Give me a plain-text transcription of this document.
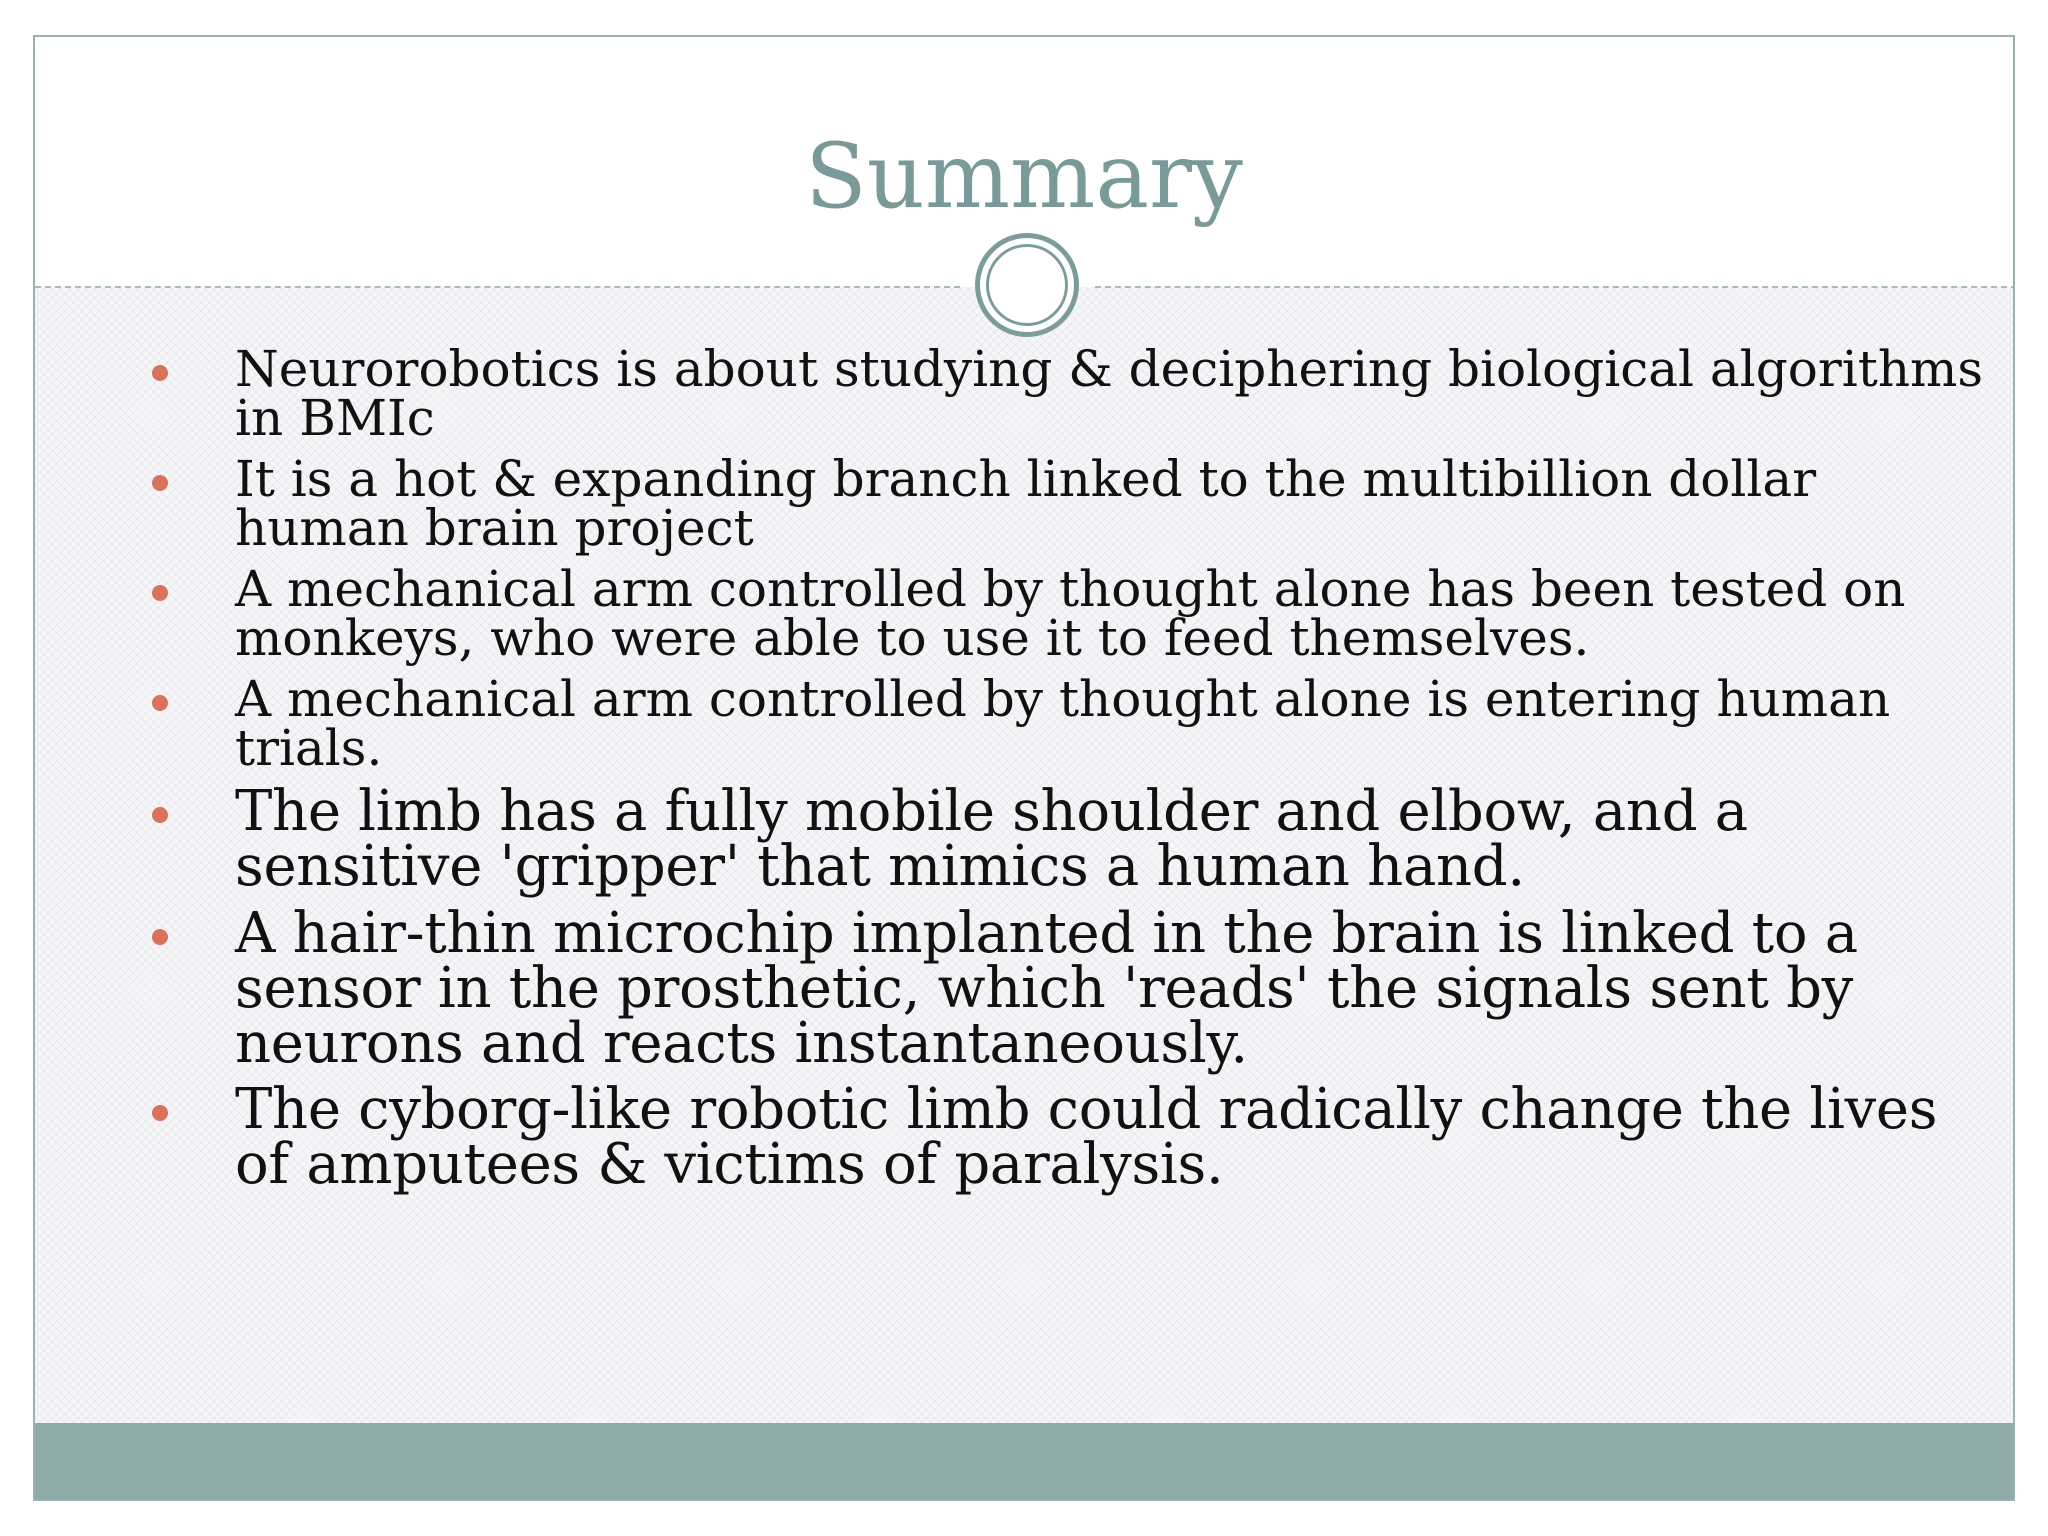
Summary
Neurorobotics is about studying & deciphering biological algorithms in BMIc
It is a hot & expanding branch linked to the multibillion dollar human brain project
A mechanical arm controlled by thought alone has been tested on monkeys, who were able to use it to feed themselves.
A mechanical arm controlled by thought alone is entering human trials.
The limb has a fully mobile shoulder and elbow, and a sensitive 'gripper' that mimics a human hand.
A hair-thin microchip implanted in the brain is linked to a sensor in the prosthetic, which 'reads' the signals sent by neurons and reacts instantaneously.
The cyborg-like robotic limb could radically change the lives of amputees & victims of paralysis.
